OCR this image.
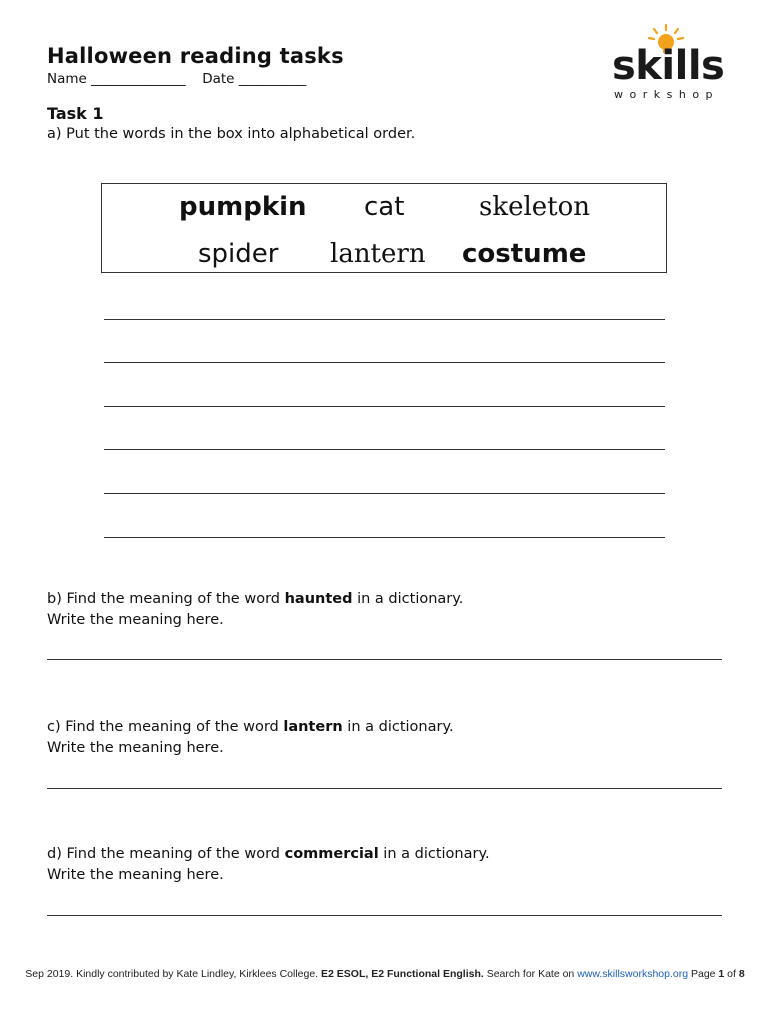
Halloween reading tasks
Name ______________ Date __________	skills
workshop
Task 1
a) Put the words in the box into alphabetical order.
pumpkin cat	skeleton
spider lantern costume
b) Find the meaning of the word haunted in a dictionary.
Write the meaning here.
c) Find the meaning of the word lantern in a dictionary.
Write the meaning here.
d) Find the meaning of the word commercial in a dictionary.
Write the meaning here.
Sep 2019. Kindly contributed by Kate Lindley, Kirklees College. E2 ESOL, E2 Functional English. Search for Kate on www.skillsworkshop.org Page 1 of 8
